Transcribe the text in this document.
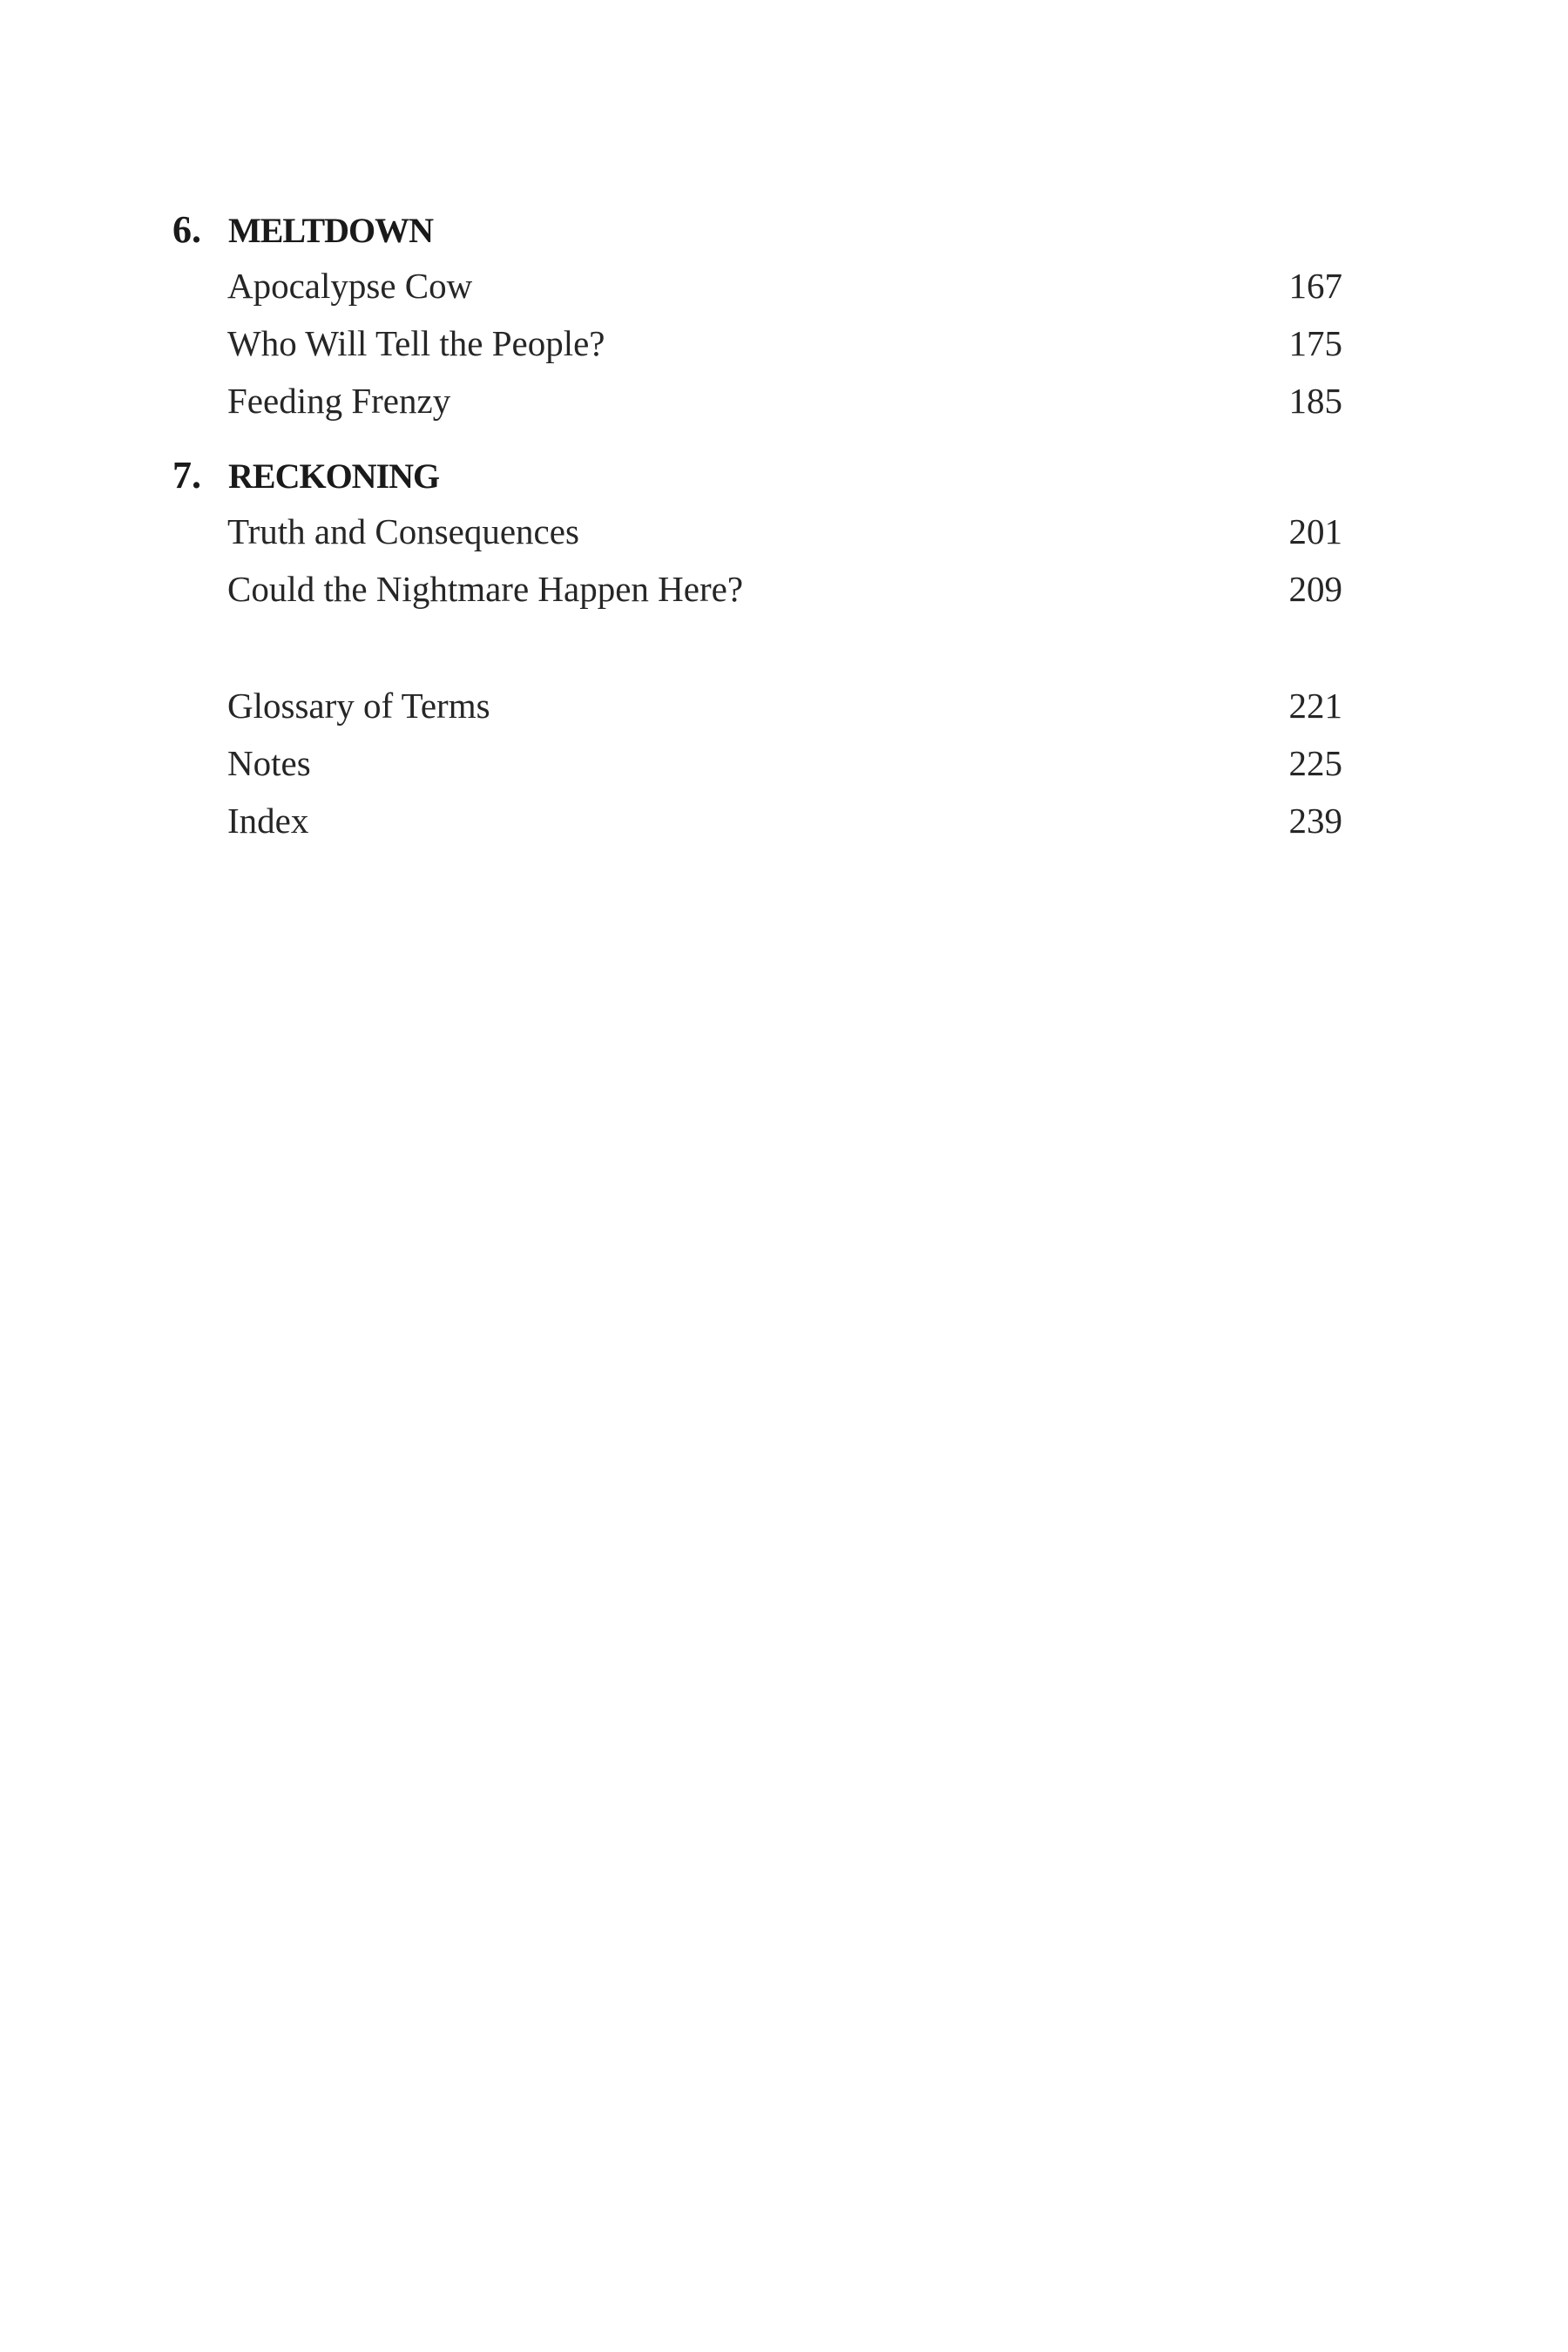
6. MELTDOWN
Apocalypse Cow	167
Who Will Tell the People?	175
Feeding Frenzy	185
7. RECKONING
Truth and Consequences	201
Could the Nightmare Happen Here?	209
Glossary of Terms	221
Notes	225
Index	239
